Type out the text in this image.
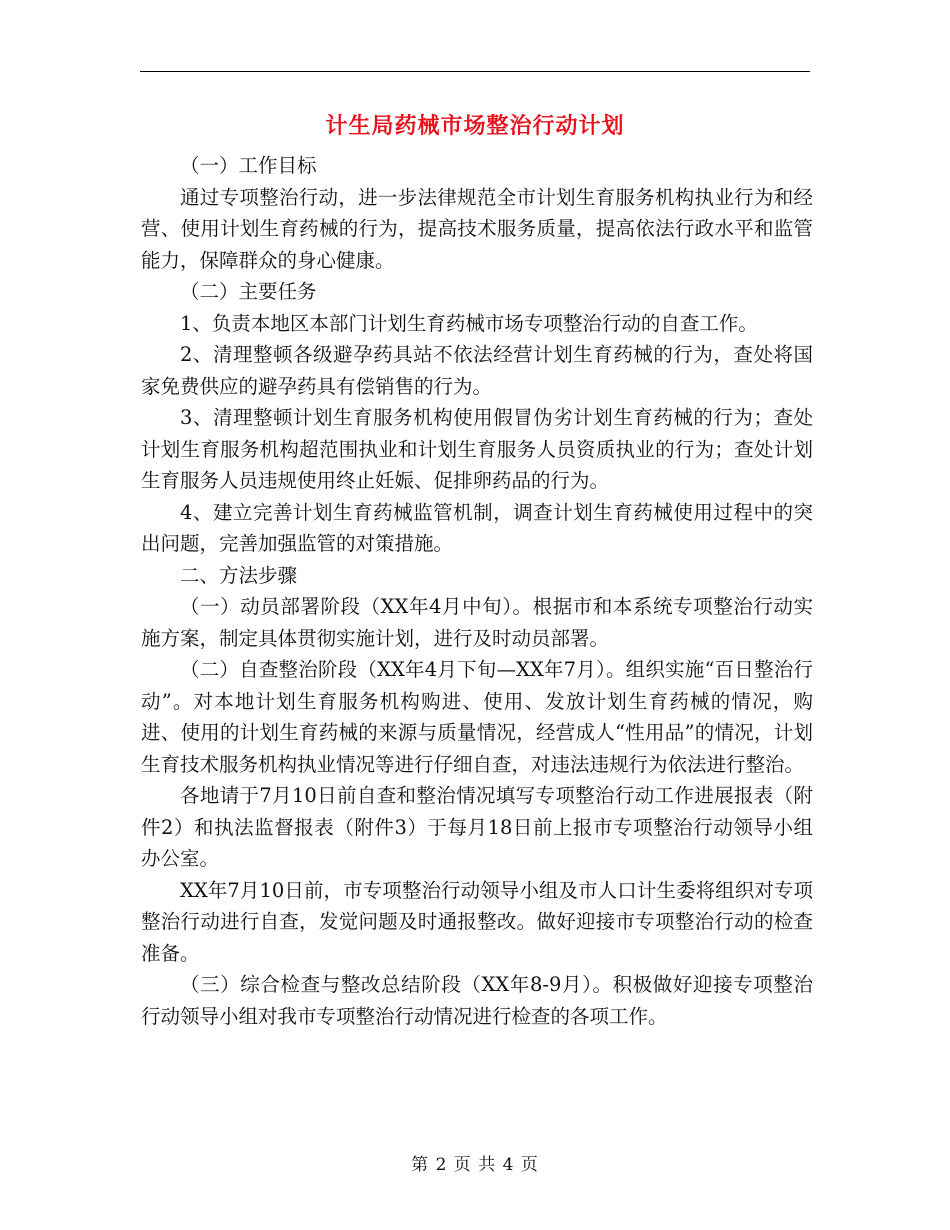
计生局药械市场整治行动计划

（一）工作目标

通过专项整治行动，进一步法律规范全市计划生育服务机构执业行为和经营、使用计划生育药械的行为，提高技术服务质量，提高依法行政水平和监管能力，保障群众的身心健康。

（二）主要任务

1、负责本地区本部门计划生育药械市场专项整治行动的自查工作。

2、清理整顿各级避孕药具站不依法经营计划生育药械的行为，查处将国家免费供应的避孕药具有偿销售的行为。

3、清理整顿计划生育服务机构使用假冒伪劣计划生育药械的行为；查处计划生育服务机构超范围执业和计划生育服务人员资质执业的行为；查处计划生育服务人员违规使用终止妊娠、促排卵药品的行为。

4、建立完善计划生育药械监管机制，调查计划生育药械使用过程中的突出问题，完善加强监管的对策措施。

二、方法步骤

（一）动员部署阶段（XX年4月中旬）。根据市和本系统专项整治行动实施方案，制定具体贯彻实施计划，进行及时动员部署。

（二）自查整治阶段（XX年4月下旬—XX年7月）。组织实施“百日整治行动”。对本地计划生育服务机构购进、使用、发放计划生育药械的情况，购进、使用的计划生育药械的来源与质量情况，经营成人“性用品”的情况，计划生育技术服务机构执业情况等进行仔细自查，对违法违规行为依法进行整治。

各地请于7月10日前自查和整治情况填写专项整治行动工作进展报表（附件2）和执法监督报表（附件3）于每月18日前上报市专项整治行动领导小组办公室。

XX年7月10日前，市专项整治行动领导小组及市人口计生委将组织对专项整治行动进行自查，发觉问题及时通报整改。做好迎接市专项整治行动的检查准备。

（三）综合检查与整改总结阶段（XX年8-9月）。积极做好迎接专项整治行动领导小组对我市专项整治行动情况进行检查的各项工作。

第 2 页 共 4 页
